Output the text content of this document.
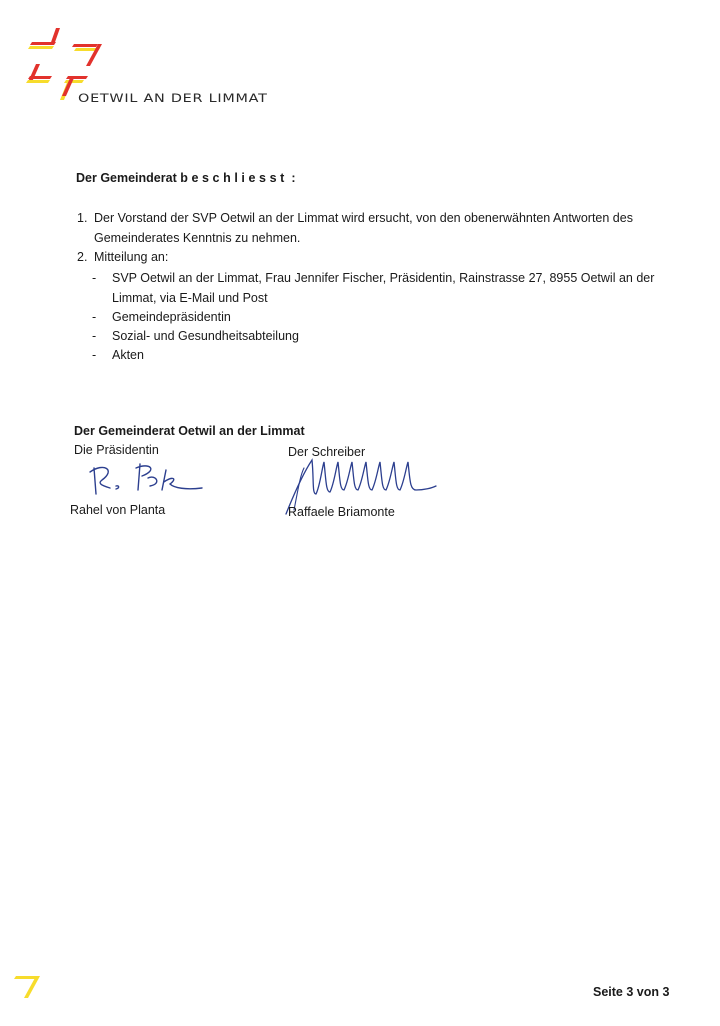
OETWIL AN DER LIMMAT
Der Gemeinderat beschliesst :
1. Der Vorstand der SVP Oetwil an der Limmat wird ersucht, von den obenerwähnten Antworten des Gemeinderates Kenntnis zu nehmen.
2. Mitteilung an:
- SVP Oetwil an der Limmat, Frau Jennifer Fischer, Präsidentin, Rainstrasse 27, 8955 Oetwil an der Limmat, via E-Mail und Post
- Gemeindepräsidentin
- Sozial- und Gesundheitsabteilung
- Akten
Der Gemeinderat Oetwil an der Limmat
Die Präsidentin	Der Schreiber
Rahel von Planta	Raffaele Briamonte
Seite 3 von 3
